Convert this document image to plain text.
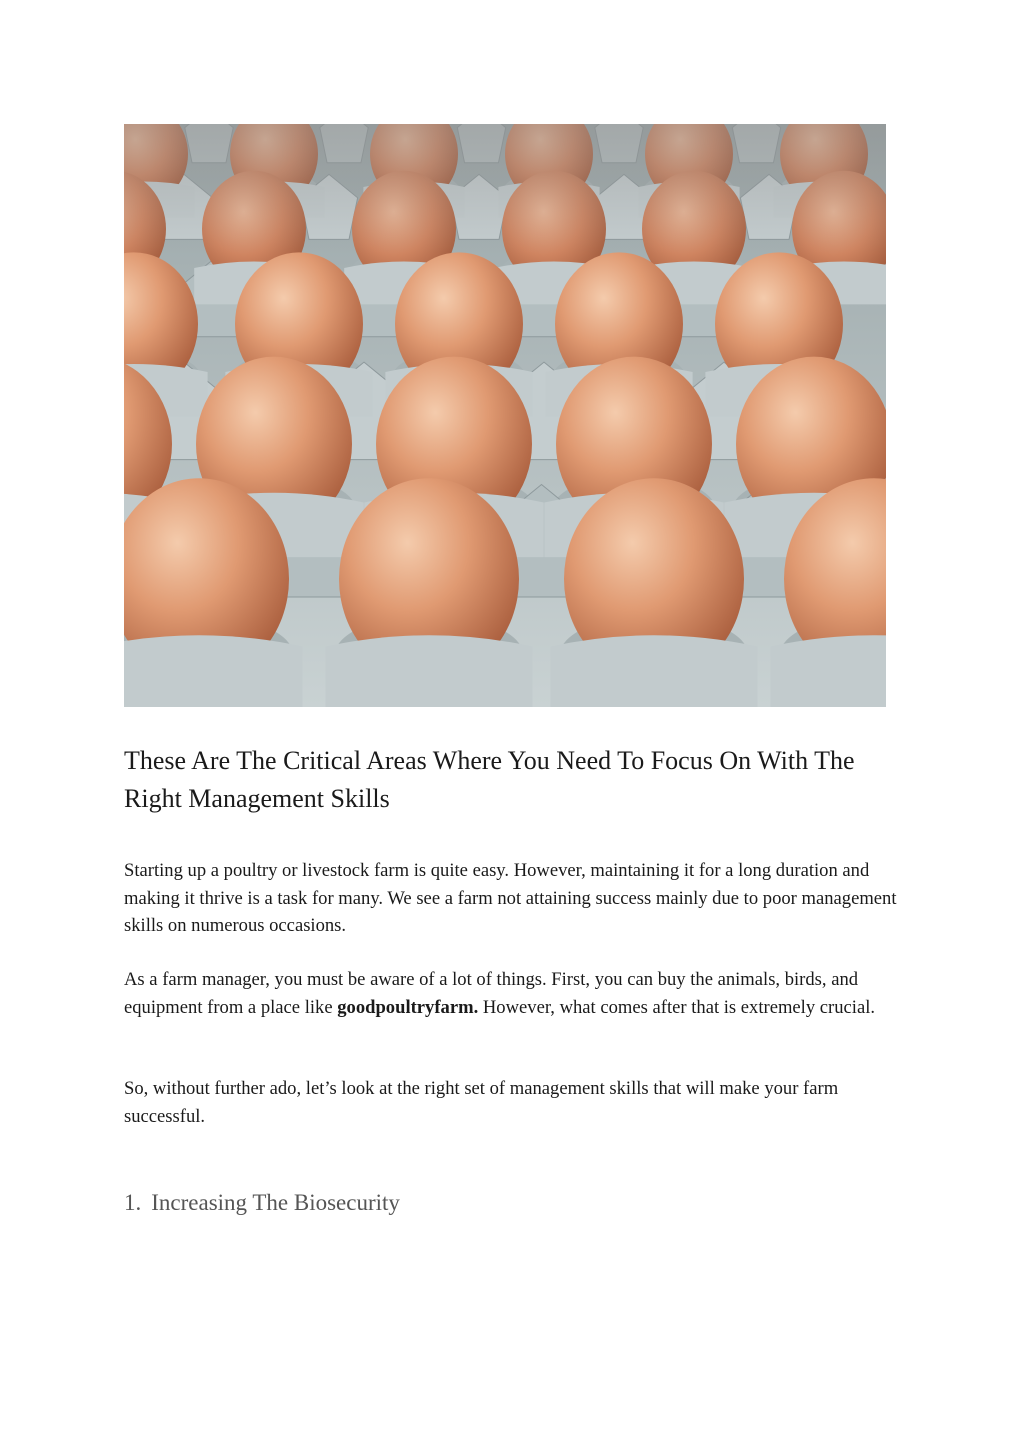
These Are The Critical Areas Where You Need To Focus On With The Right Management Skills

Starting up a poultry or livestock farm is quite easy. However, maintaining it for a long duration and making it thrive is a task for many. We see a farm not attaining success mainly due to poor management skills on numerous occasions.

As a farm manager, you must be aware of a lot of things. First, you can buy the animals, birds, and equipment from a place like goodpoultryfarm. However, what comes after that is extremely crucial.

So, without further ado, let’s look at the right set of management skills that will make your farm successful.

1. Increasing The Biosecurity
